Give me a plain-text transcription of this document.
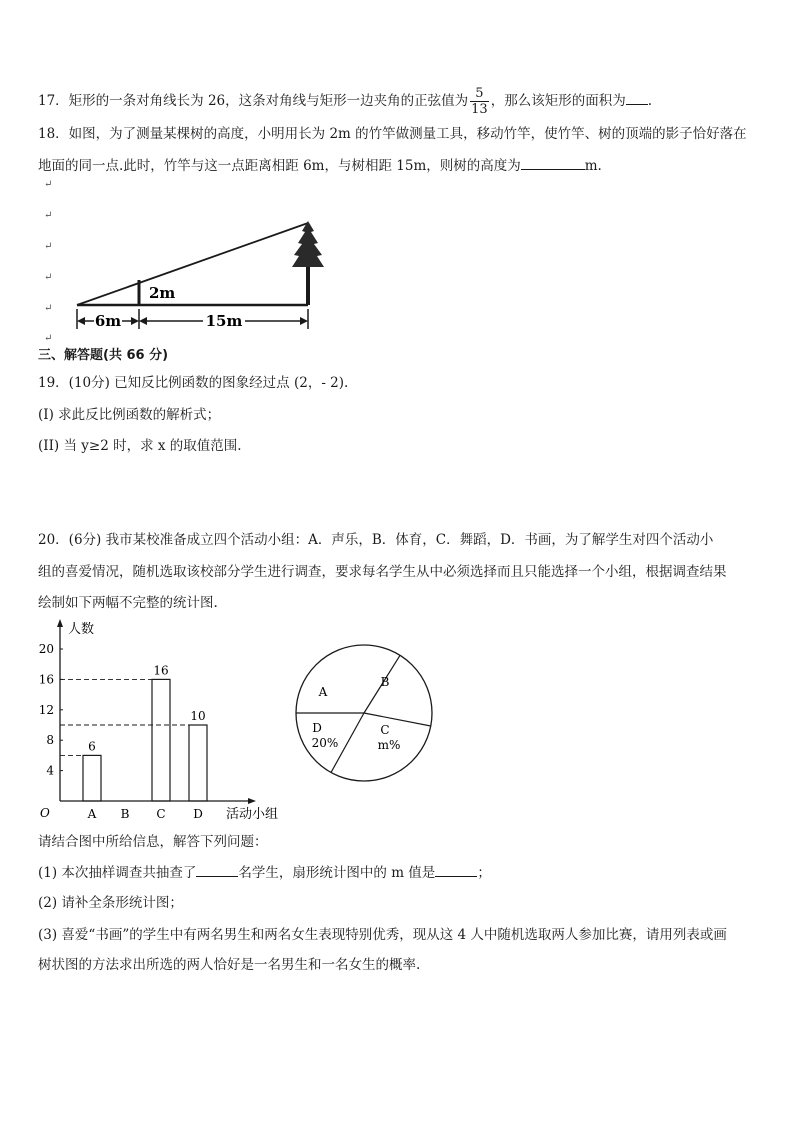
17．矩形的一条对角线长为 26，这条对角线与矩形一边夹角的正弦值为 $\frac{5}{13}$ ，那么该矩形的面积为 .
18．如图，为了测量某棵树的高度，小明用长为 2m 的竹竿做测量工具，移动竹竿，使竹竿、树的顶端的影子恰好落在
地面的同一点.此时，竹竿与这一点距离相距 6m，与树相距 15m，则树的高度为	m.
↵
↵
↵
↵
↵
↵
2m
6m	15m
三、解答题(共 66 分)
19．(10分) 已知反比例函数的图象经过点 (2，- 2).
(I) 求此反比例函数的解析式；
(II) 当 y≥2 时，求 x 的取值范围.
20．(6分) 我市某校准备成立四个活动小组：A．声乐，B．体育，C．舞蹈，D．书画，为了解学生对四个活动小
组的喜爱情况，随机选取该校部分学生进行调查，要求每名学生从中必须选择而且只能选择一个小组，根据调查结果
绘制如下两幅不完整的统计图.
人数
活动小组
O
4
8
12
16
20
6
A B
16
C
10
D
A
B
C
m%
D
20%
请结合图中所给信息，解答下列问题：
(1) 本次抽样调查共抽查了	名学生，扇形统计图中的 m 值是	；
(2) 请补全条形统计图；
(3) 喜爱“书画”的学生中有两名男生和两名女生表现特别优秀，现从这 4 人中随机选取两人参加比赛，请用列表或画
树状图的方法求出所选的两人恰好是一名男生和一名女生的概率.
